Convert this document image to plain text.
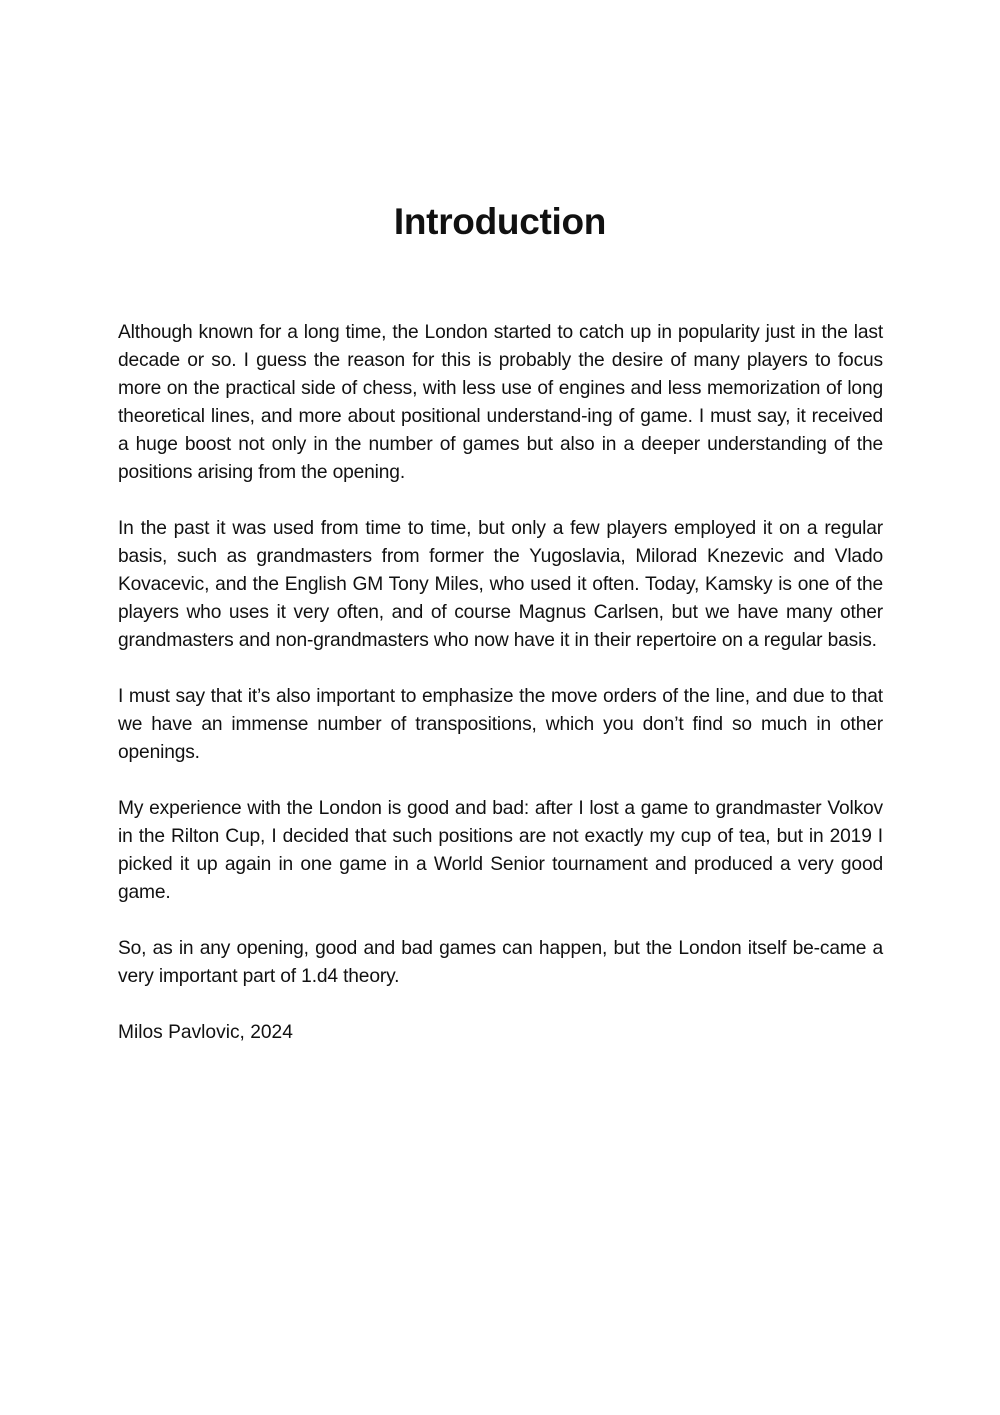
Introduction

Although known for a long time, the London started to catch up in popularity just in the last decade or so. I guess the reason for this is probably the desire of many players to focus more on the practical side of chess, with less use of engines and less memorization of long theoretical lines, and more about positional understand-ing of game. I must say, it received a huge boost not only in the number of games but also in a deeper understanding of the positions arising from the opening.

In the past it was used from time to time, but only a few players employed it on a regular basis, such as grandmasters from former the Yugoslavia, Milorad Knezevic and Vlado Kovacevic, and the English GM Tony Miles, who used it often. Today, Kamsky is one of the players who uses it very often, and of course Magnus Carlsen, but we have many other grandmasters and non-grandmasters who now have it in their repertoire on a regular basis.

I must say that it’s also important to emphasize the move orders of the line, and due to that we have an immense number of transpositions, which you don’t find so much in other openings.

My experience with the London is good and bad: after I lost a game to grandmaster Volkov in the Rilton Cup, I decided that such positions are not exactly my cup of tea, but in 2019 I picked it up again in one game in a World Senior tournament and produced a very good game.

So, as in any opening, good and bad games can happen, but the London itself be-came a very important part of 1.d4 theory.

Milos Pavlovic, 2024
